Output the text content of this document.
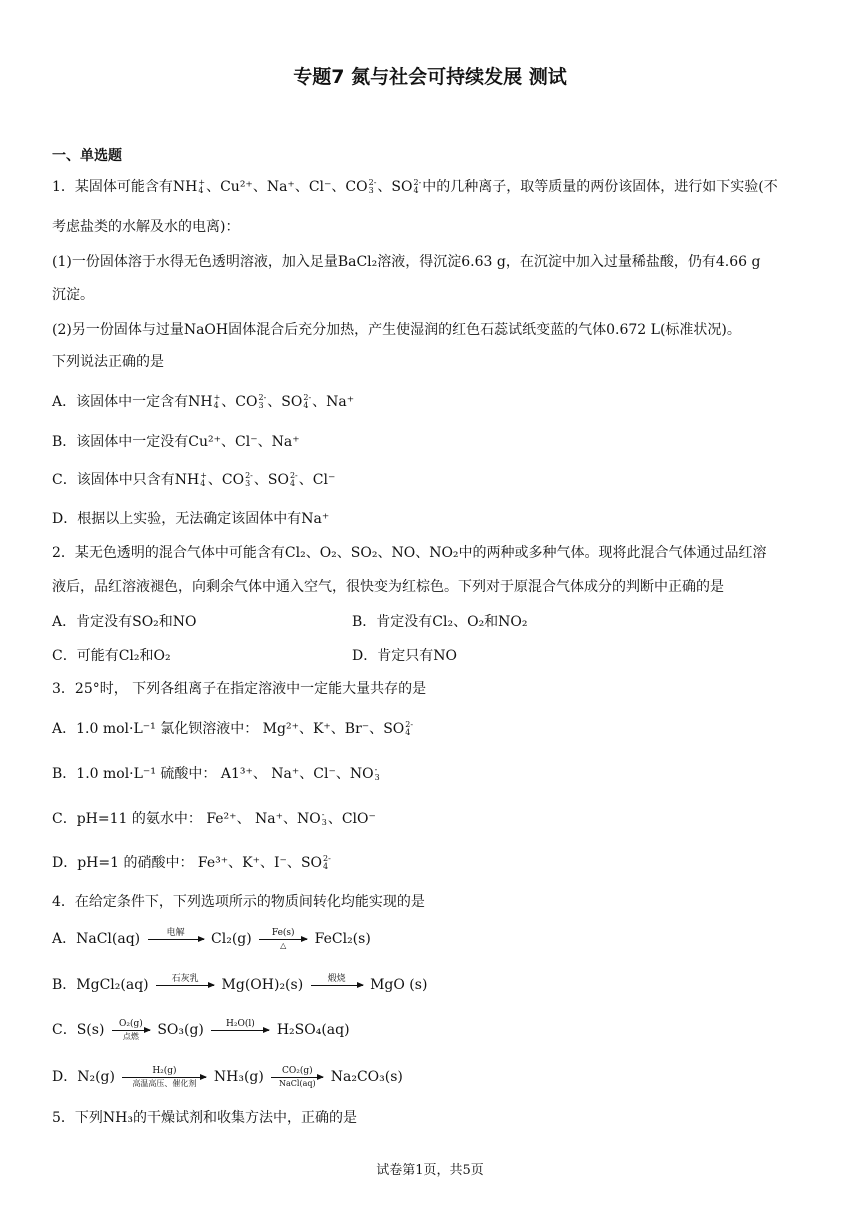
专题7 氮与社会可持续发展 测试
一、单选题
1．某固体可能含有NH +
4 、Cu²⁺、Na⁺、Cl⁻、CO 2-
3 、SO 2-
4 中的几种离子，取等质量的两份该固体，进行如下实验(不
考虑盐类的水解及水的电离)：
(1)一份固体溶于水得无色透明溶液，加入足量BaCl₂溶液，得沉淀6.63 g，在沉淀中加入过量稀盐酸，仍有4.66 g
沉淀。
(2)另一份固体与过量NaOH固体混合后充分加热，产生使湿润的红色石蕊试纸变蓝的气体0.672 L(标准状况)。
下列说法正确的是
A．该固体中一定含有NH +
4 、CO 2-
3 、SO 2-
4 、Na⁺
B．该固体中一定没有Cu²⁺、Cl⁻、Na⁺
C．该固体中只含有NH +
4 、CO 2-
3 、SO 2-
4 、Cl⁻
D．根据以上实验，无法确定该固体中有Na⁺
2．某无色透明的混合气体中可能含有Cl₂、O₂、SO₂、NO、NO₂中的两种或多种气体。现将此混合气体通过品红溶
液后，品红溶液褪色，向剩余气体中通入空气，很快变为红棕色。下列对于原混合气体成分的判断中正确的是
A．肯定没有SO₂和NO	B．肯定没有Cl₂、O₂和NO₂
C．可能有Cl₂和O₂	D．肯定只有NO
3．25°时， 下列各组离子在指定溶液中一定能大量共存的是
A．1.0 mol·L⁻¹ 氯化钡溶液中： Mg²⁺、K⁺、Br⁻、SO 2-
4
B．1.0 mol·L⁻¹ 硫酸中： A1³⁺、 Na⁺、Cl⁻、NO -
3
C．pH=11 的氨水中： Fe²⁺、 Na⁺、NO -
3 、ClO⁻
D．pH=1 的硝酸中： Fe³⁺、K⁺、I⁻、SO 2-
4
4．在给定条件下，下列选项所示的物质间转化均能实现的是
A．NaCl(aq)	电解
	Cl₂(g)	Fe(s)
△	FeCl₂(s)
B．MgCl₂(aq)	石灰乳
	Mg(OH)₂(s)	煅烧
	MgO (s)
C．S(s)	O₂(g)
点燃	SO₃(g)	H₂O(l)
	H₂SO₄(aq)
D．N₂(g)	H₂(g)
高温高压、催化剂	NH₃(g)	CO₂(g)
NaCl(aq)	Na₂CO₃(s)
5．下列NH₃的干燥试剂和收集方法中，正确的是
试卷第1页，共5页
